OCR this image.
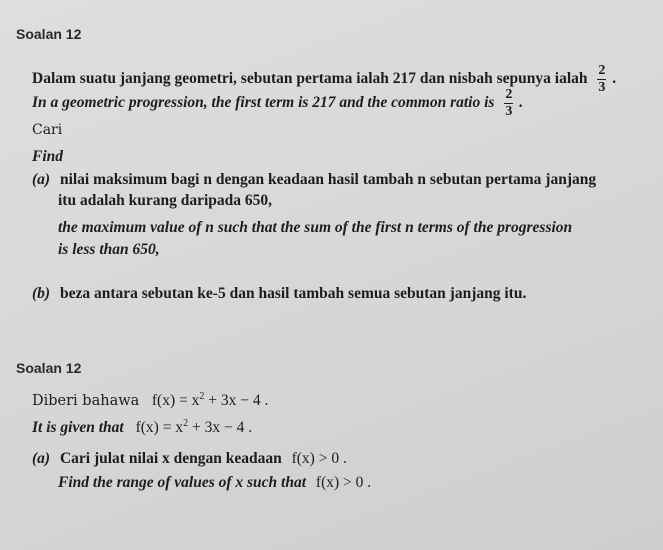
Soalan 12
Dalam suatu janjang geometri, sebutan pertama ialah 217 dan nisbah sepunya ialah $\frac{2}{3}$ .
In a geometric progression, the first term is 217 and the common ratio is $\frac{2}{3}$ .
Cari
Find
(a) nilai maksimum bagi n dengan keadaan hasil tambah n sebutan pertama janjang
itu adalah kurang daripada 650,
the maximum value of n such that the sum of the first n terms of the progression
is less than 650,
(b) beza antara sebutan ke-5 dan hasil tambah semua sebutan janjang itu.
Soalan 12
Diberi bahawa $f(x) = x^2 + 3x - 4$ .
It is given that $f(x) = x^2 + 3x - 4$ .
(a) Cari julat nilai x dengan keadaan f(x) > 0 .
Find the range of values of x such that f(x) > 0 .
